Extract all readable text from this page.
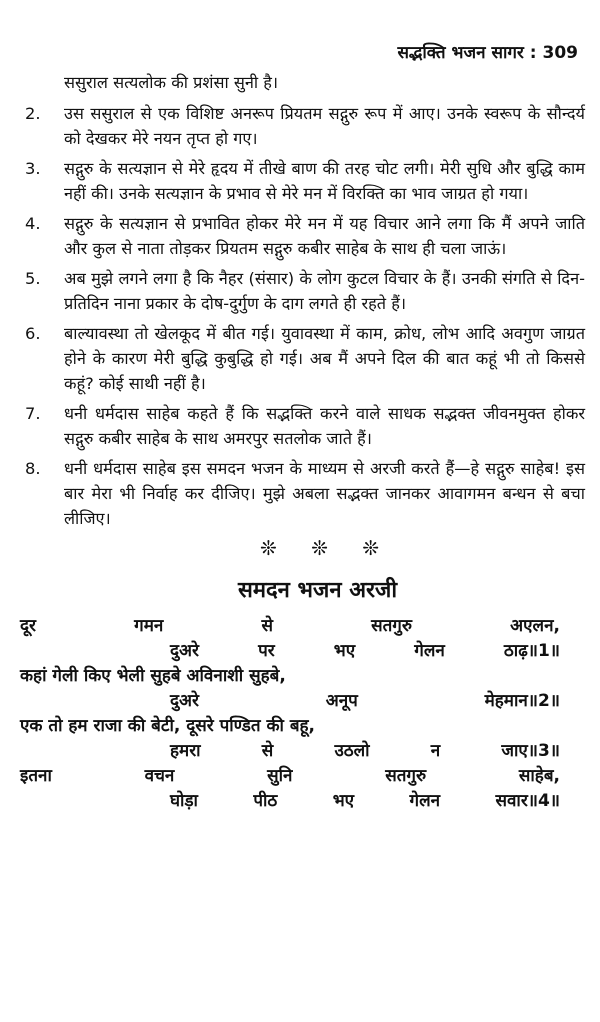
सद्भक्ति भजन सागर : 309
ससुराल सत्यलोक की प्रशंसा सुनी है।
2. उस ससुराल से एक विशिष्ट अनरूप प्रियतम सद्गुरु रूप में आए। उनके स्वरूप के सौन्दर्य को देखकर मेरे नयन तृप्त हो गए।
3. सद्गुरु के सत्यज्ञान से मेरे हृदय में तीखे बाण की तरह चोट लगी। मेरी सुधि और बुद्धि काम नहीं की। उनके सत्यज्ञान के प्रभाव से मेरे मन में विरक्ति का भाव जाग्रत हो गया।
4. सद्गुरु के सत्यज्ञान से प्रभावित होकर मेरे मन में यह विचार आने लगा कि मैं अपने जाति और कुल से नाता तोड़कर प्रियतम सद्गुरु कबीर साहेब के साथ ही चला जाऊं।
5. अब मुझे लगने लगा है कि नैहर (संसार) के लोग कुटल विचार के हैं। उनकी संगति से दिन-प्रतिदिन नाना प्रकार के दोष-दुर्गुण के दाग लगते ही रहते हैं।
6. बाल्यावस्था तो खेलकूद में बीत गई। युवावस्था में काम, क्रोध, लोभ आदि अवगुण जाग्रत होने के कारण मेरी बुद्धि कुबुद्धि हो गई। अब मैं अपने दिल की बात कहूं भी तो किससे कहूं? कोई साथी नहीं है।
7. धनी धर्मदास साहेब कहते हैं कि सद्भक्ति करने वाले साधक सद्भक्त जीवनमुक्त होकर सद्गुरु कबीर साहेब के साथ अमरपुर सतलोक जाते हैं।
8. धनी धर्मदास साहेब इस समदन भजन के माध्यम से अरजी करते हैं—हे सद्गुरु साहेब! इस बार मेरा भी निर्वाह कर दीजिए। मुझे अबला सद्भक्त जानकर आवागमन बन्धन से बचा लीजिए।
❊ ❊ ❊
समदन भजन अरजी
दूर	गमन	से	सतगुरु	अएलन,
दुअरे	पर	भए	गेलन	ठाढ़॥1॥
कहां गेली किए भेली सुहबे अविनाशी सुहबे,
दुअरे	अनूप	मेहमान॥2॥
एक तो हम राजा की बेटी, दूसरे पण्डित की बहू,
हमरा	से	उठलो	न	जाए॥3॥
इतना	वचन	सुनि	सतगुरु	साहेब,
घोड़ा	पीठ	भए	गेलन	सवार॥4॥
